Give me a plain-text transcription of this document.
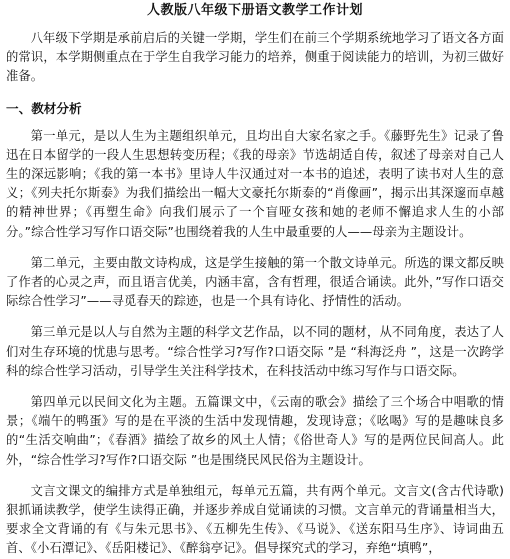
人教版八年级下册语文教学工作计划

八年级下学期是承前启后的关键一学期，学生们在前三个学期系统地学习了语文各方面的常识，本学期侧重点在于学生自我学习能力的培养，侧重于阅读能力的培训，为初三做好准备。

一、教材分析

第一单元，是以人生为主题组织单元，且均出自大家名家之手。《藤野先生》记录了鲁迅在日本留学的一段人生思想转变历程；《我的母亲》节选胡适自传，叙述了母亲对自己人生的深远影响；《我的第一本书》里诗人牛汉通过对一本书的追述，表明了读书对人生的意义；《列夫托尔斯泰》为我们描绘出一幅大文豪托尔斯泰的“肖像画”，揭示出其深邃而卓越的精神世界；《再塑生命》向我们展示了一个盲哑女孩和她的老师不懈追求人生的小部分。”综合性学习写作口语交际”也围绕着我的人生中最重要的人——母亲为主题设计。

第二单元，主要由散文诗构成，这是学生接触的第一个散文诗单元。所选的课文都反映了作者的心灵之声，而且语言优美，内涵丰富，含有哲理，很适合诵读。此外，”写作口语交际综合性学习”——寻觅春天的踪迹，也是一个具有诗化、抒情性的活动。

第三单元是以人与自然为主题的科学文艺作品，以不同的题材，从不同角度，表达了人们对生存环境的忧患与思考。“综合性学习?写作?口语交际 ”是 “科海泛舟 ”，这是一次跨学科的综合性学习活动，引导学生关注科学技术，在科技活动中练习写作与口语交际。

第四单元以民间文化为主题。五篇课文中，《云南的歌会》描绘了三个场合中唱歌的情景；《端午的鸭蛋》写的是在平淡的生活中发现情趣，发现诗意；《吆喝》写的是趣味良多的“生活交响曲”；《春酒》描绘了故乡的风土人情；《俗世奇人》写的是两位民间高人。此外，“综合性学习?写作?口语交际 ”也是围绕民风民俗为主题设计。

文言文课文的编排方式是单独组元，每单元五篇，共有两个单元。文言文(含古代诗歌)狠抓诵读教学，使学生读得正确，并逐步养成自觉诵读的习惯。文言单元的背诵量相当大，要求全文背诵的有《与朱元思书》、《五柳先生传》、《马说》、《送东阳马生序》、诗词曲五首、《小石潭记》、《岳阳楼记》、《醉翁亭记》。倡导探究式的学习，弃绝“填鸭”，
